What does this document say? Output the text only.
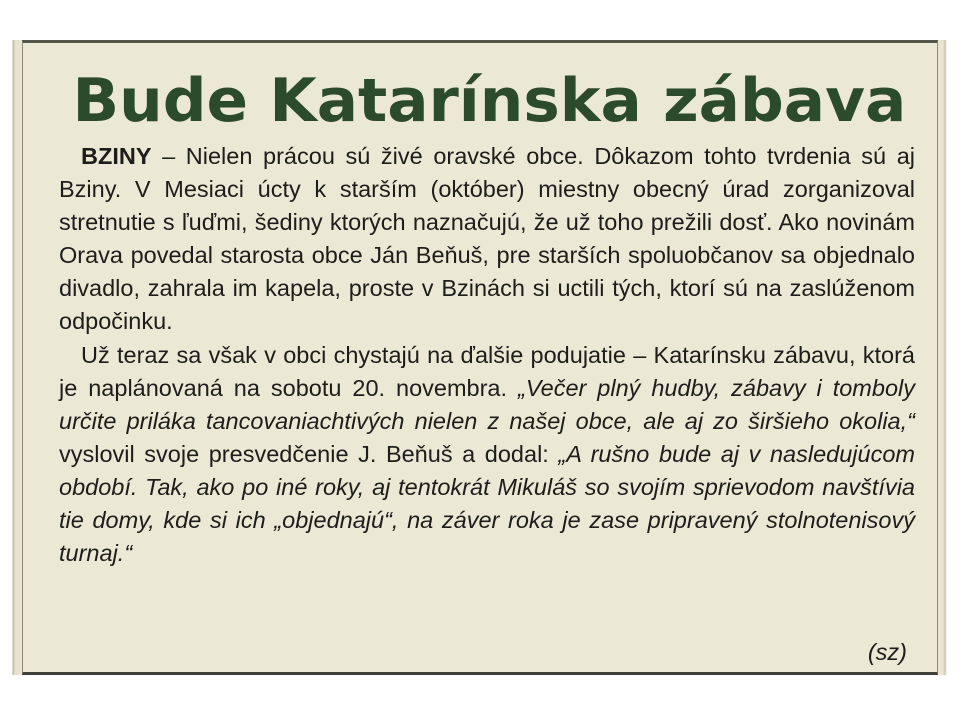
Bude Katarínska zábava

BZINY – Nielen prácou sú živé oravské obce. Dôkazom tohto tvrdenia sú aj Bziny. V Mesiaci úcty k starším (október) miestny obecný úrad zorganizoval stretnutie s ľuďmi, šediny ktorých naznačujú, že už toho prežili dosť. Ako novinám Orava povedal starosta obce Ján Beňuš, pre starších spoluobčanov sa objednalo divadlo, zahrala im kapela, proste v Bzinách si uctili tých, ktorí sú na zaslúženom odpočinku.

Už teraz sa však v obci chystajú na ďalšie podujatie – Katarínsku zábavu, ktorá je naplánovaná na sobotu 20. novembra. „Večer plný hudby, zábavy i tomboly určite priláka tancovaniachtivých nielen z našej obce, ale aj zo širšieho okolia,“ vyslovil svoje presvedčenie J. Beňuš a dodal: „A rušno bude aj v nasledujúcom období. Tak, ako po iné roky, aj tentokrát Mikuláš so svojím sprievodom navštívia tie domy, kde si ich „objednajú“, na záver roka je zase pripravený stolnotenisový turnaj.“

(sz)
